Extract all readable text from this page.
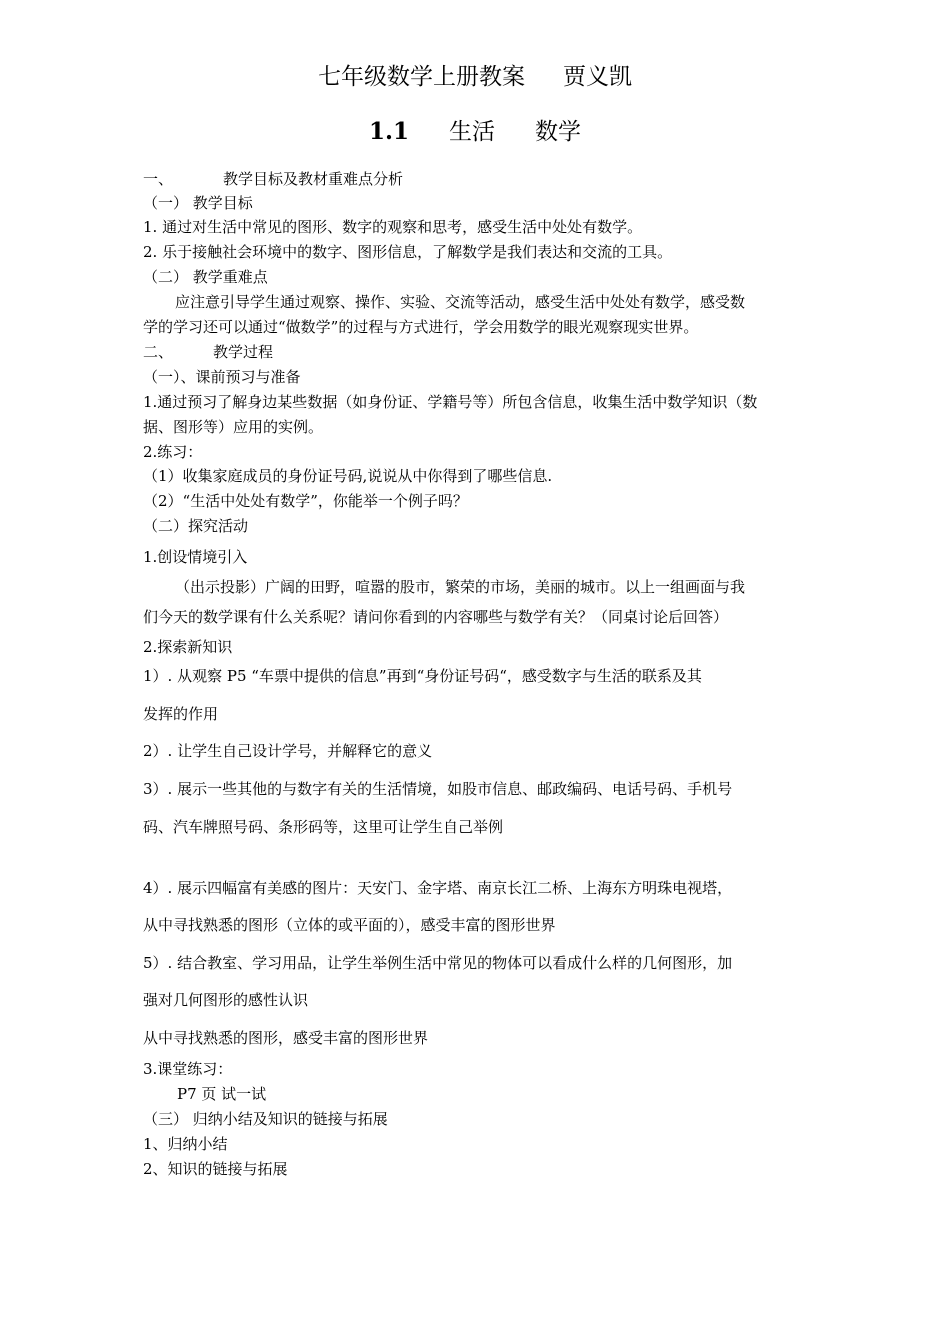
七年级数学上册教案 贾义凯
1.1 生活 数学
一、	教学目标及教材重难点分析
（一） 教学目标
1. 通过对生活中常见的图形、数字的观察和思考，感受生活中处处有数学。
2. 乐于接触社会环境中的数字、图形信息，了解数学是我们表达和交流的工具。
（二） 教学重难点
应注意引导学生通过观察、操作、实验、交流等活动，感受生活中处处有数学，感受数
学的学习还可以通过“做数学”的过程与方式进行，学会用数学的眼光观察现实世界。
二、	教学过程
（一）、课前预习与准备
1.通过预习了解身边某些数据（如身份证、学籍号等）所包含信息，收集生活中数学知识（数
据、图形等）应用的实例。
2.练习：
（1）收集家庭成员的身份证号码,说说从中你得到了哪些信息.
（2）“生活中处处有数学”，你能举一个例子吗？
（二）探究活动
1.创设情境引入
（出示投影）广阔的田野，喧嚣的股市，繁荣的市场，美丽的城市。以上一组画面与我
们今天的数学课有什么关系呢？请问你看到的内容哪些与数学有关？（同桌讨论后回答）
2.探索新知识
1）. 从观察 P5 “车票中提供的信息”再到“身份证号码“，感受数字与生活的联系及其
发挥的作用
2）. 让学生自己设计学号，并解释它的意义
3）. 展示一些其他的与数字有关的生活情境，如股市信息、邮政编码、电话号码、手机号
码、汽车牌照号码、条形码等，这里可让学生自己举例
4）. 展示四幅富有美感的图片：天安门、金字塔、南京长江二桥、上海东方明珠电视塔，
从中寻找熟悉的图形（立体的或平面的），感受丰富的图形世界
5）. 结合教室、学习用品，让学生举例生活中常见的物体可以看成什么样的几何图形，加
强对几何图形的感性认识
从中寻找熟悉的图形，感受丰富的图形世界
3.课堂练习：
P7 页 试一试
（三） 归纳小结及知识的链接与拓展
1、归纳小结
2、知识的链接与拓展
